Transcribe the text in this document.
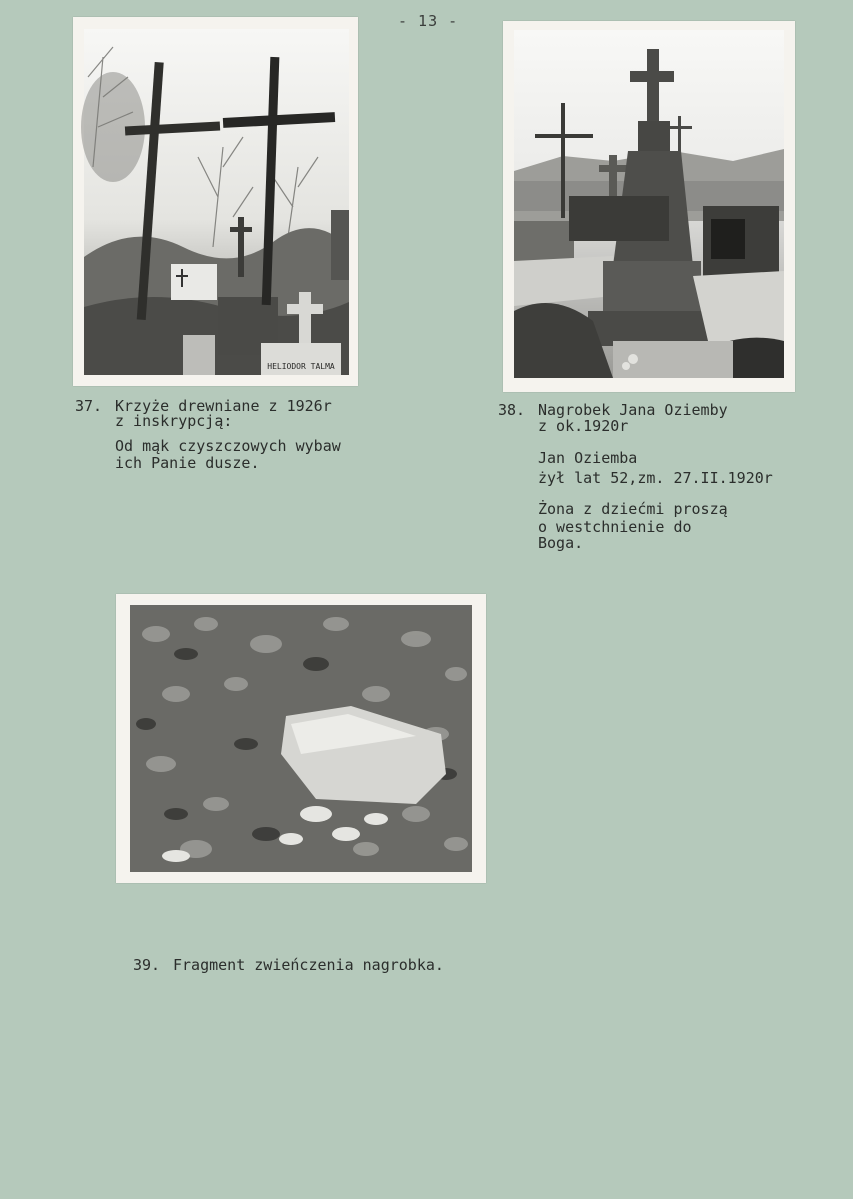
- 13 -
HELIODOR TALMA

37.

Krzyże drewniane z 1926r

z inskrypcją:

Od mąk czyszczowych wybaw

ich Panie dusze.

38.

Nagrobek Jana Oziemby

z ok.1920r

Jan Oziemba

żył lat 52,zm. 27.II.1920r

Żona z dziećmi proszą

o westchnienie do

Boga.

39.

Fragment zwieńczenia nagrobka.
